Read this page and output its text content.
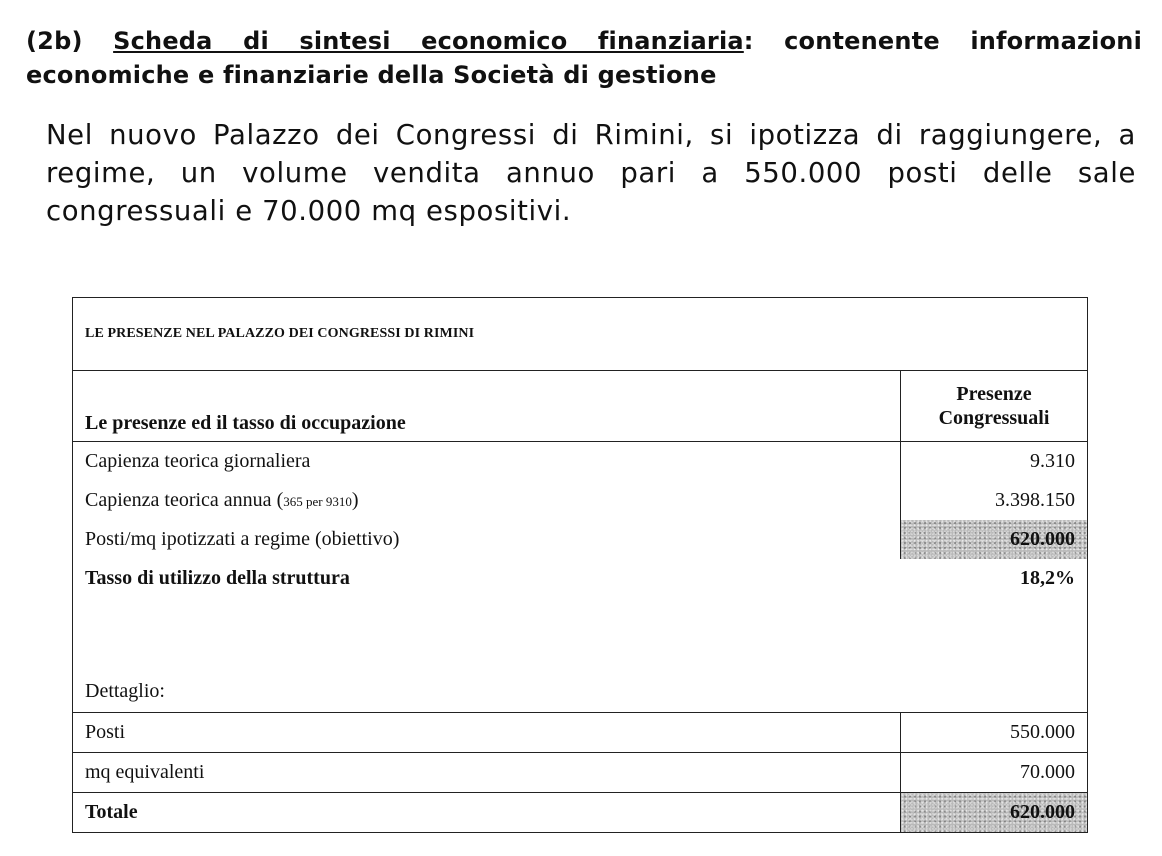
(2b) Scheda di sintesi economico finanziaria: contenente informazioni economiche e finanziarie della Società di gestione
Nel nuovo Palazzo dei Congressi di Rimini, si ipotizza di raggiungere, a regime, un volume vendita annuo pari a 550.000 posti delle sale congressuali e 70.000 mq espositivi.
LE PRESENZE NEL PALAZZO DEI CONGRESSI DI RIMINI	
Le presenze ed il tasso di occupazione	Presenze
Congressuali

Capienza teorica giornaliera	9.310
Capienza teorica annua (365 per 9310)	3.398.150
Posti/mq ipotizzati a regime (obiettivo)	620.000
Tasso di utilizzo della struttura	18,2%

Dettaglio:	
Posti	550.000
mq equivalenti	70.000
Totale	620.000
